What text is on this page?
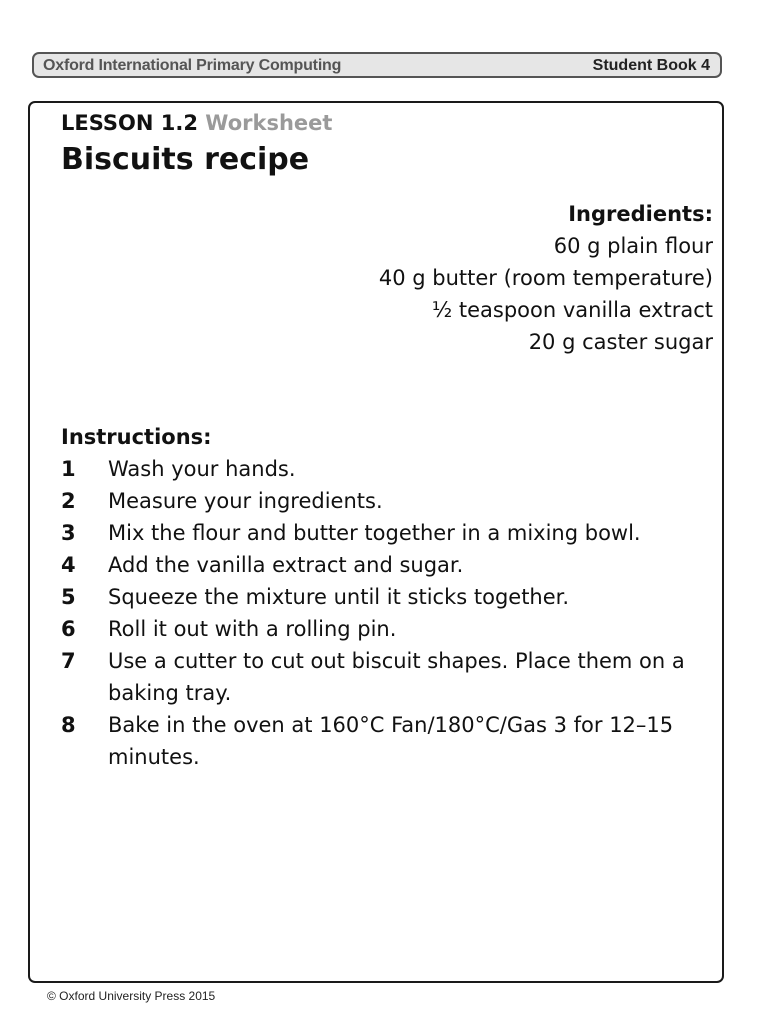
Oxford International Primary Computing	Student Book 4
LESSON 1.2 Worksheet
Biscuits recipe
Ingredients:
60 g plain flour
40 g butter (room temperature)
½ teaspoon vanilla extract
20 g caster sugar
Instructions:
1 Wash your hands.
2 Measure your ingredients.
3 Mix the flour and butter together in a mixing bowl.
4 Add the vanilla extract and sugar.
5 Squeeze the mixture until it sticks together.
6 Roll it out with a rolling pin.
7 Use a cutter to cut out biscuit shapes. Place them on a baking tray.
8 Bake in the oven at 160°C Fan/180°C/Gas 3 for 12–15 minutes.
© Oxford University Press 2015
